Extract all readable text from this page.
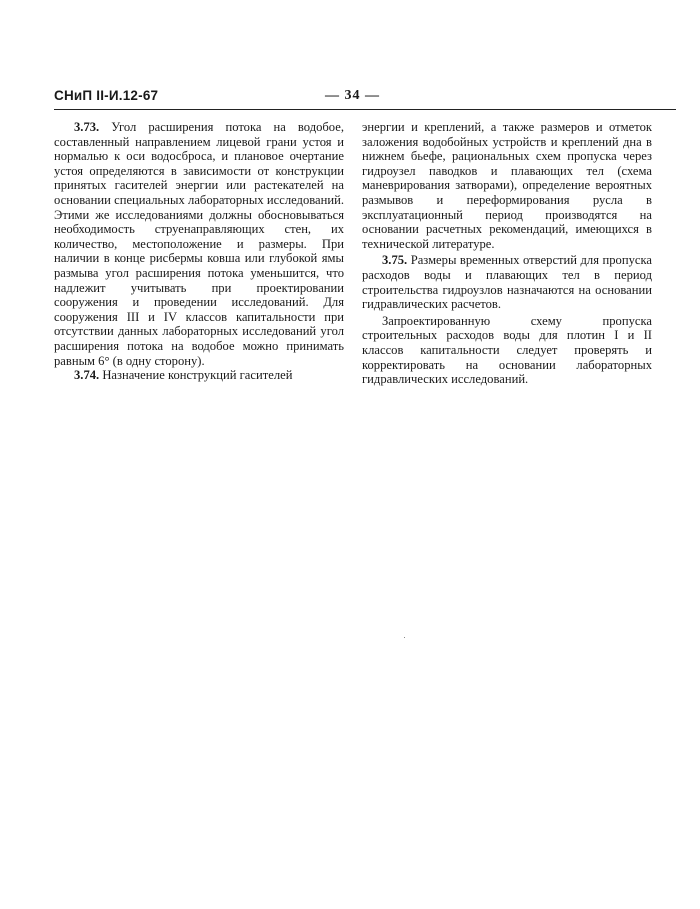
СНиП II-И.12-67	— 34 —

3.73. Угол расширения потока на водобое, составленный направлением лицевой грани устоя и нормалью к оси водосброса, и плановое очертание устоя определяются в зависимости от конструкции принятых гасителей энергии или растекателей на основании специальных лабораторных исследований. Этими же исследованиями должны обосновываться необходимость струенаправляющих стен, их количество, местоположение и размеры. При наличии в конце рисбермы ковша или глубокой ямы размыва угол расширения потока уменьшится, что надлежит учитывать при проектировании сооружения и проведении исследований. Для сооружения III и IV классов капитальности при отсутствии данных лабораторных исследований угол расширения потока на водобое можно принимать равным 6° (в одну сторону).

3.74. Назначение конструкций гасителей

энергии и креплений, а также размеров и отметок заложения водобойных устройств и креплений дна в нижнем бьефе, рациональных схем пропуска через гидроузел паводков и плавающих тел (схема маневрирования затворами), определение вероятных размывов и переформирования русла в эксплуатационный период производятся на основании расчетных рекомендаций, имеющихся в технической литературе.

3.75. Размеры временных отверстий для пропуска расходов воды и плавающих тел в период строительства гидроузлов назначаются на основании гидравлических расчетов.

Запроектированную схему пропуска строительных расходов воды для плотин I и II классов капитальности следует проверять и корректировать на основании лабораторных гидравлических исследований.
